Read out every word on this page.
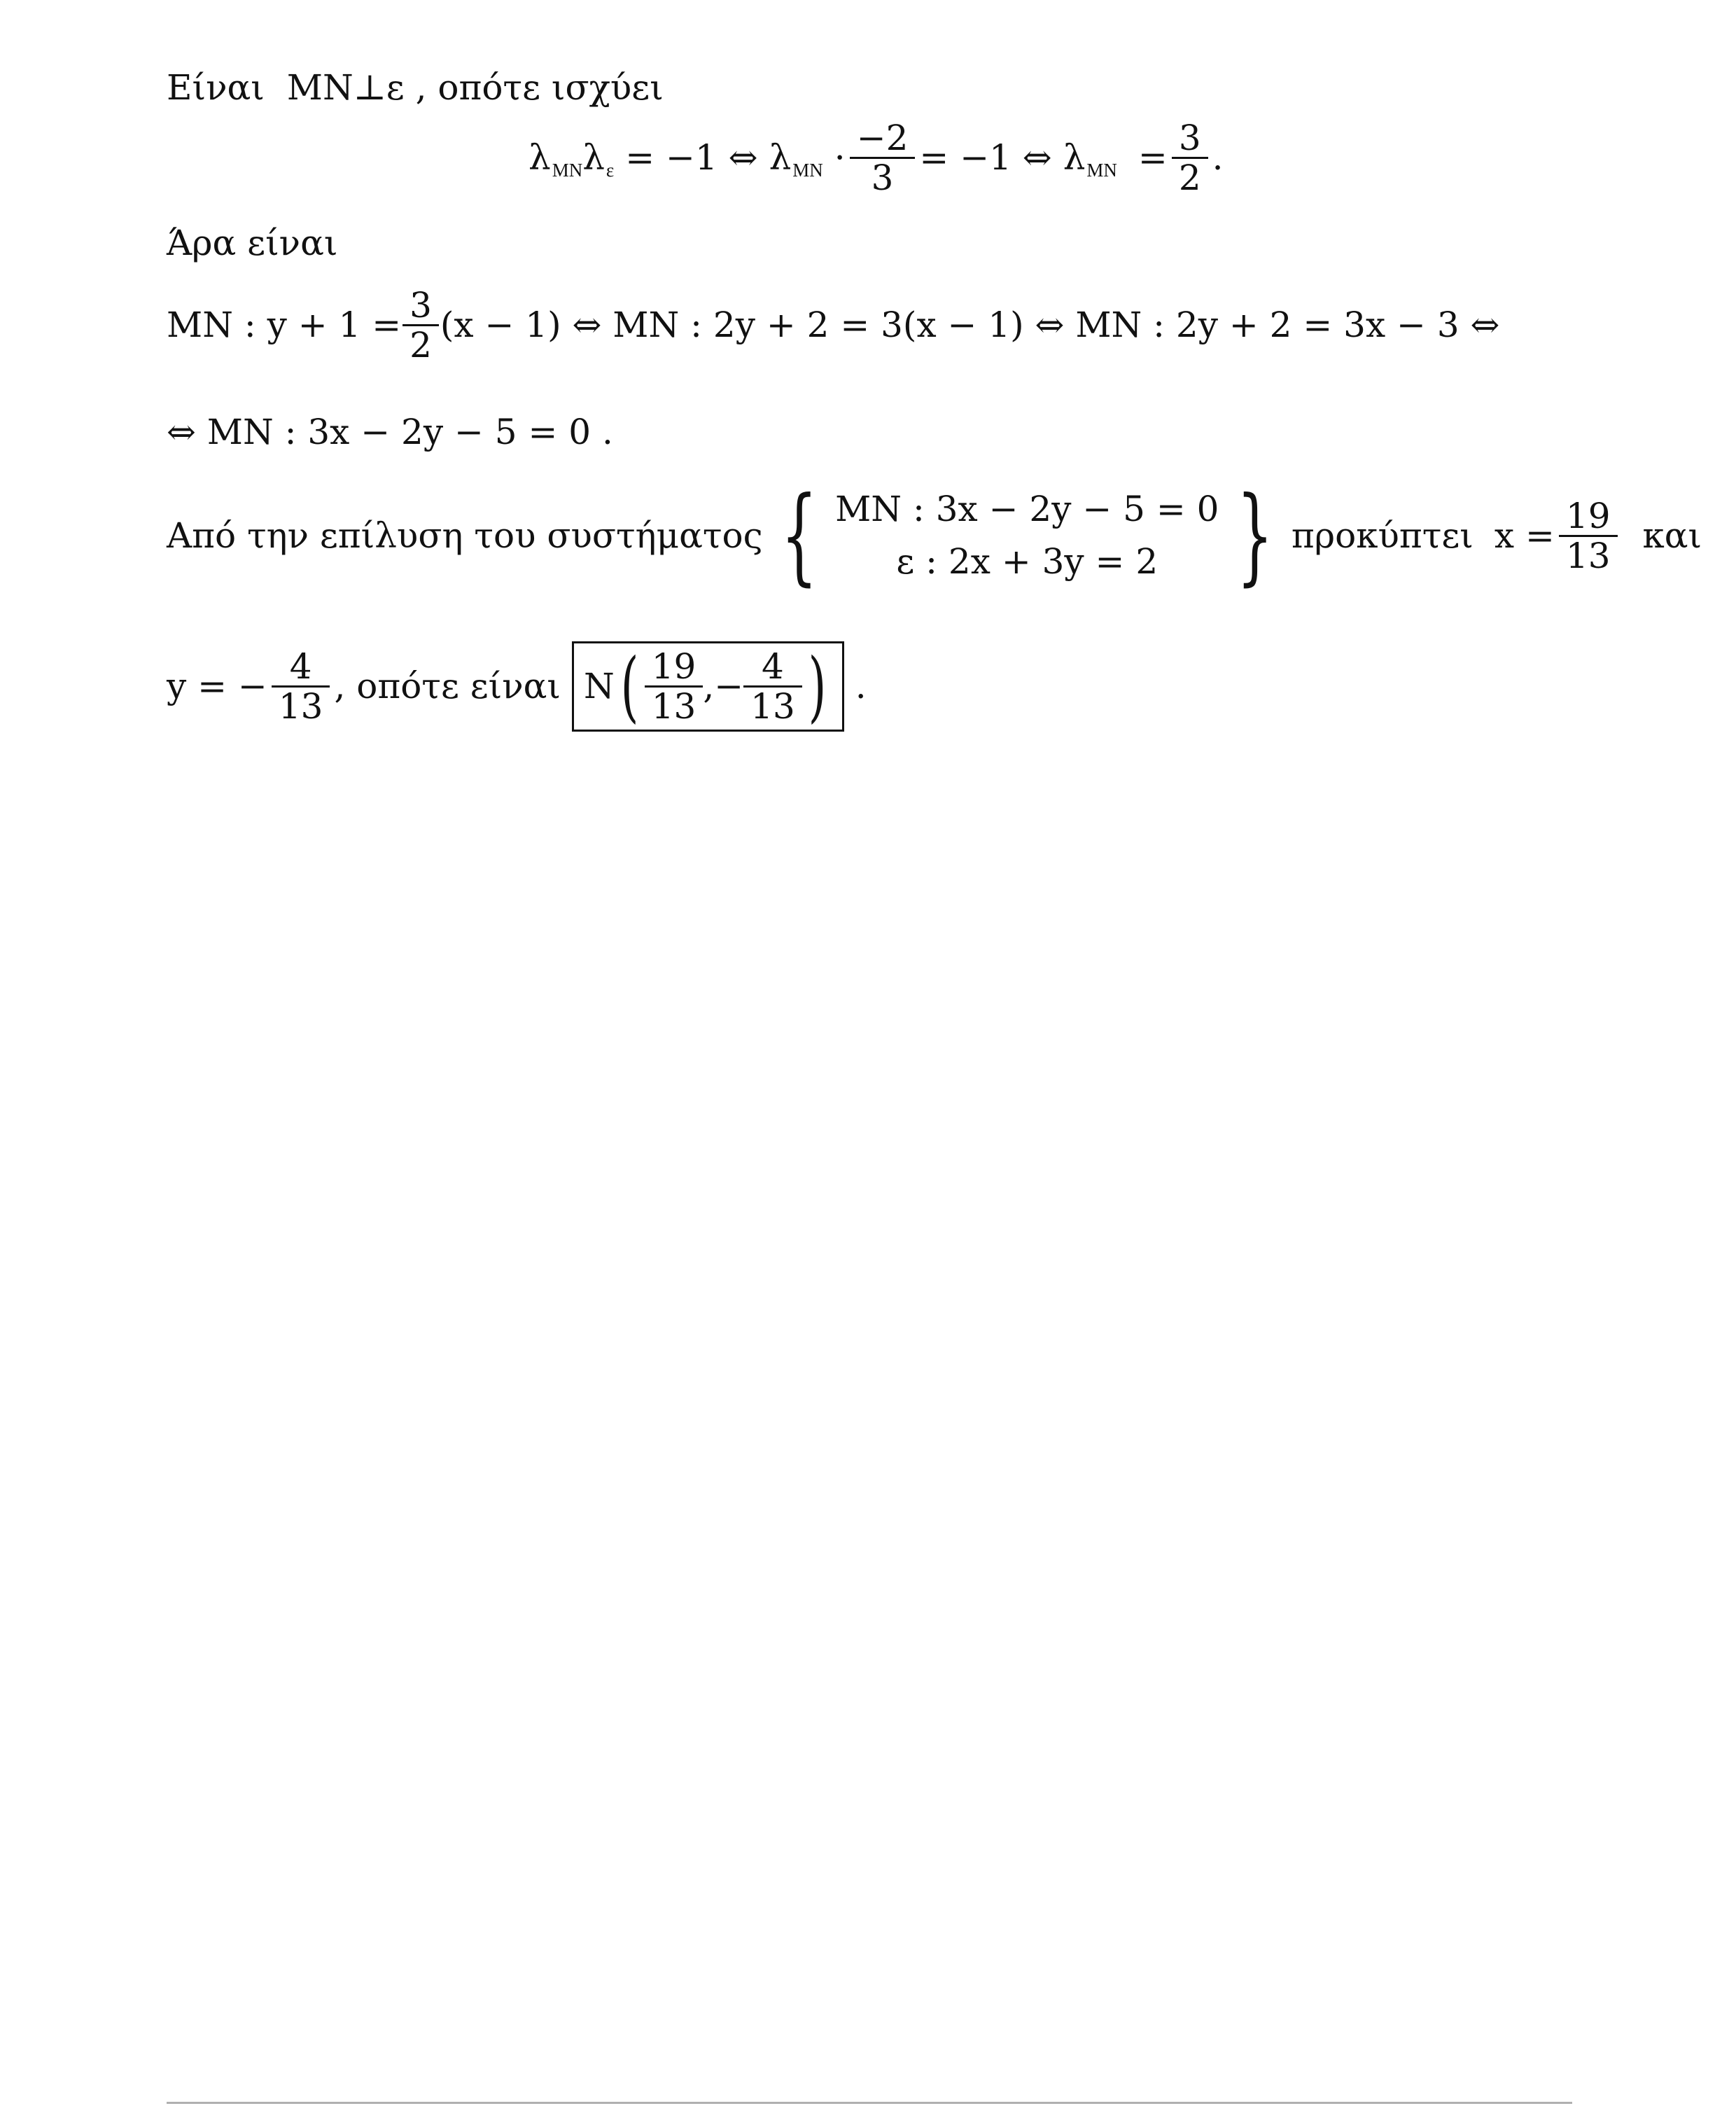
Είναι MN⊥ε , οπότε ισχύει
λ MN λ ε = −1 ⇔ λ MN · $\frac{-2}{3} = -1$ ⇔ λ MN = $\frac{3}{2}$ .
Άρα είναι
MN : $y + 1 = \frac{3}{2} (x - 1)$ ⇔ MN : 2y + 2 = 3(x − 1) ⇔ MN : 2y + 2 = 3x − 3 ⇔
⇔ MN : 3x − 2y − 5 = 0 .
Από την επίλυση του συστήματος { MN : 3x − 2y − 5 = 0
ε : 2x + 3y = 2 } προκύπτει $x = \frac{19}{13}$ και
y = − $\frac{4}{13}$ , οπότε είναι N ( $\frac{19}{13}$ ,− $\frac{4}{13}$ ) .
